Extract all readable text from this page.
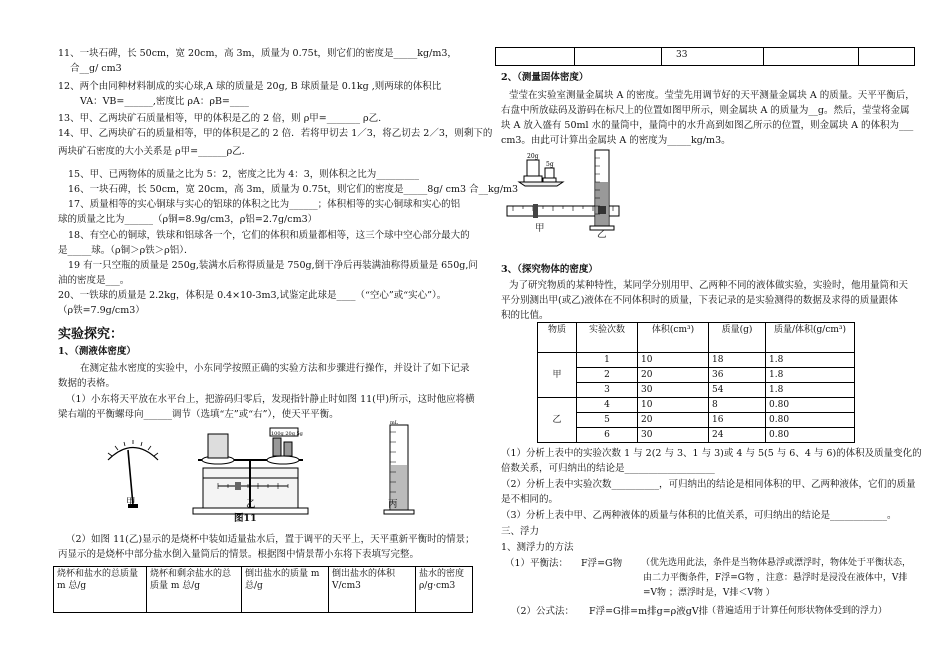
11、一块石碑，长 50cm，宽 20cm，高 3m，质量为 0.75t，则它们的密度是_____kg/m3，
合__g/ cm3
12、两个由同种材料制成的实心球,A 球的质量是 20g, B 球质量是 0.1kg ,则两球的体积比
VA：VB=______,密度比 ρA：ρB=____
13、甲、乙两块矿石质量相等，甲的体积是乙的 2 倍，则 ρ甲=_______ ρ乙.
14、甲、乙两块矿石的质量相等，甲的体积是乙的 2 倍．若将甲切去 1／3，将乙切去 2／3，则剩下的
两块矿石密度的大小关系是 ρ甲=______ρ乙.
15、甲、已两物体的质量之比为 5：2，密度之比为 4：3，则体积之比为_________
16、一块石碑，长 50cm，宽 20cm，高 3m，质量为 0.75t，则它们的密度是_____8g/ cm3 合__kg/m3
17、质量相等的实心铜球与实心的铝球的体积之比为______；体积相等的实心铜球和实心的铝
球的质量之比为______（ρ铜=8.9g/cm3，ρ铝=2.7g/cm3）
18、有空心的铜球，铁球和铝球各一个，它们的体积和质量都相等，这三个球中空心部分最大的
是_____球。（ρ铜＞ρ铁＞ρ铝）．
19 有一只空瓶的质量是 250g,装满水后称得质量是 750g,倒干净后再装满油称得质量是 650g,问
油的密度是___。
20、一铁球的质量是 2.2kg，体积是 0.4×10-3m3,试鉴定此球是____（“空心”或“实心”）。
（ρ铁=7.9g/cm3）
实验探究：
1、（测液体密度）
在测定盐水密度的实验中，小东同学按照正确的实验方法和步骤进行操作，并设计了如下记录
数据的表格。
（1）小东将天平放在水平台上，把游码归零后，发现指针静止时如图 11(甲)所示，这时他应将横
梁右端的平衡螺母向______调节（选填“左”或“右”），使天平平衡。
100g 20g 5g
mL
甲	乙	丙
图11
（2）如图 11(乙)显示的是烧杯中装如适量盐水后，置于调平的天平上，天平重新平衡时的情景；
丙显示的是烧杯中部分盐水倒入量筒后的情景。根据图中情景帮小东将下表填写完整。
烧杯和盐水的总质量 m 总/g	烧杯和剩余盐水的总质量 m 总/g	倒出盐水的质量 m 总/g	倒出盐水的体积 V/cm3	盐水的密度 ρ/g·cm3
		33		
2、（测量固体密度）
莹莹在实验室测量金属块 A 的密度。莹莹先用调节好的天平测量金属块 A 的质量。天平平衡后，
右盘中所放砝码及游码在标尺上的位置如图甲所示，则金属块 A 的质量为__g。然后，莹莹将金属
块 A 放入盛有 50ml 水的量筒中，量筒中的水升高到如图乙所示的位置，则金属块 A 的体积为___
cm3。由此可计算出金属块 A 的密度为_____kg/m3。
20g
5g
甲
乙
3、（探究物体的密度）
为了研究物质的某种特性，某同学分别用甲、乙两种不同的液体做实验，实验时，他用量筒和天
平分别测出甲(或乙)液体在不同体积时的质量，下表记录的是实验测得的数据及求得的质量跟体
积的比值。
物质	实验次数	体积(cm³)	质量(g)	质量/体积(g/cm³)
甲	1	10	18	1.8
	2	20	36	1.8
	3	30	54	1.8
乙	4	10	8	0.80
	5	20	16	0.80
	6	30	24	0.80
（1）分析上表中的实验次数 1 与 2(2 与 3、1 与 3)或 4 与 5(5 与 6、4 与 6)的体积及质量变化的
倍数关系，可归纳出的结论是___________________
（2）分析上表中实验次数__________，可归纳出的结论是相同体积的甲、乙两种液体，它们的质量
是不相同的。
（3）分析上表中甲、乙两种液体的质量与体积的比值关系，可归纳出的结论是____________。
三、浮力
1、测浮力的方法
（1）平衡法： F浮=G物 （优先选用此法，条件是当物体悬浮或漂浮时，物体处于平衡状态，
由二力平衡条件，F浮=G物 ，注意：悬浮时是浸没在液体中，V排
=V物 ；漂浮时是，V排＜V物 ）
（2）公式法： F浮=G排=m排g=ρ液gV排
（普遍适用于计算任何形状物体受到的浮力）
